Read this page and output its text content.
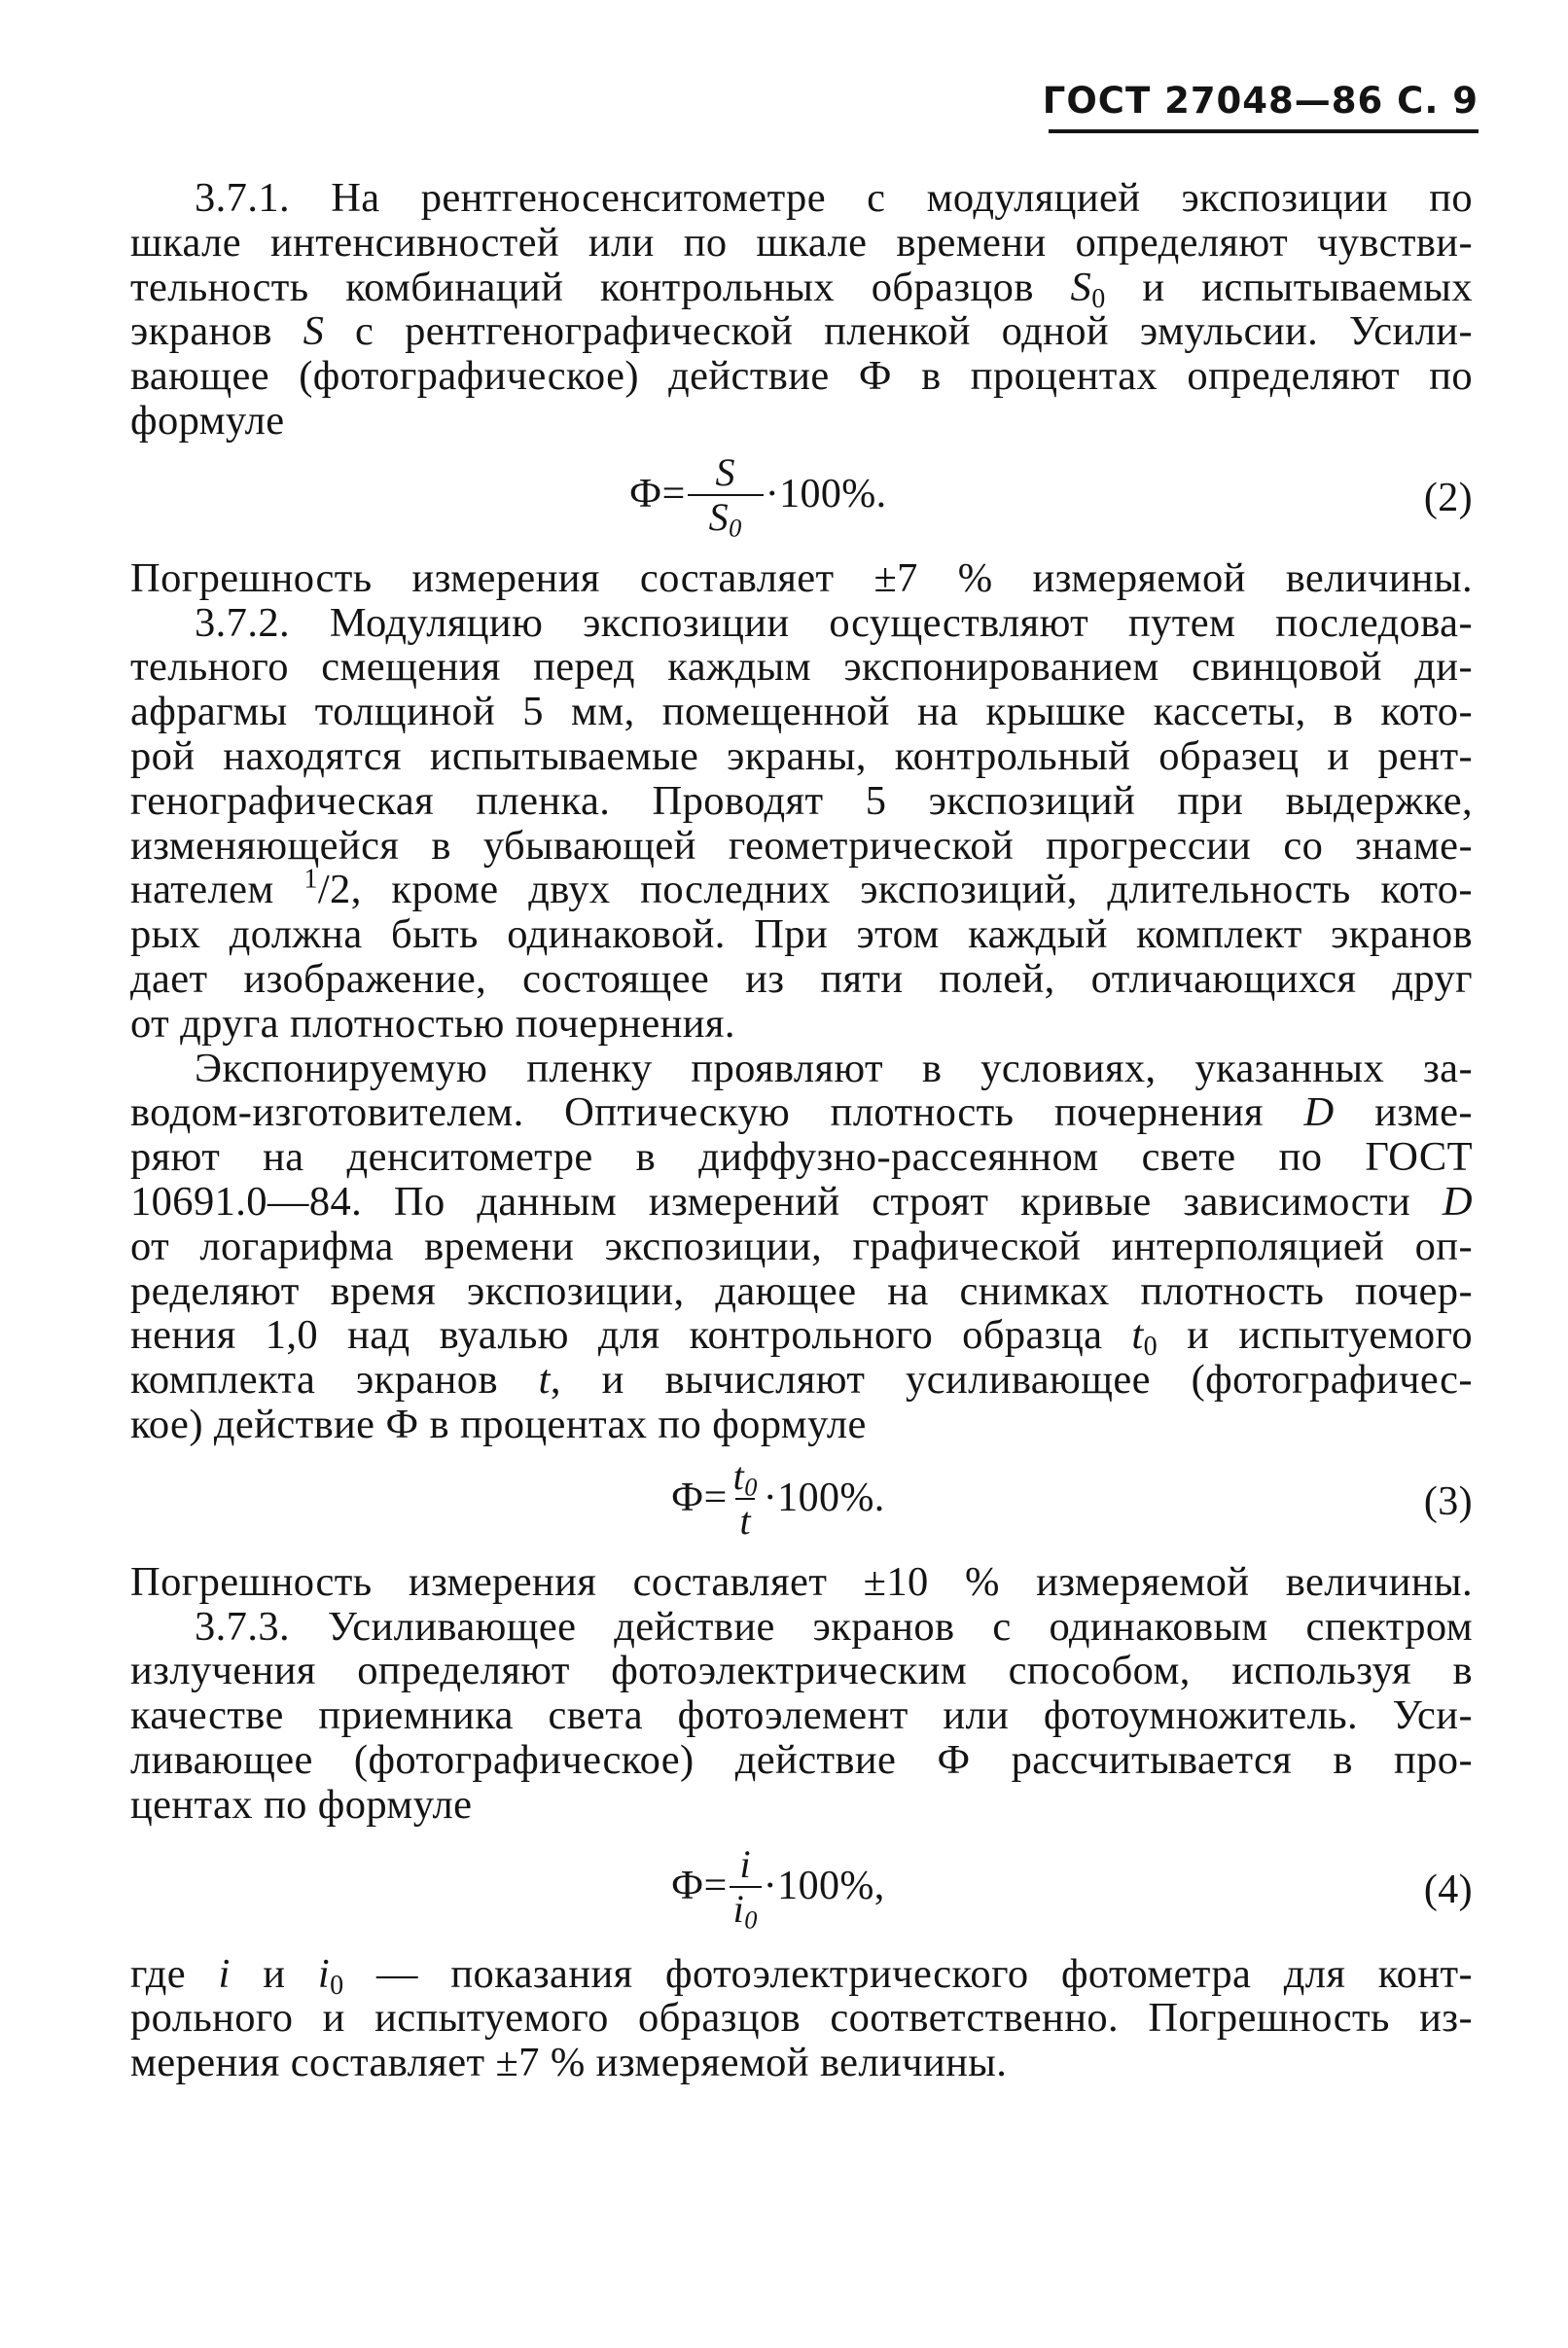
ГОСТ 27048—86 С. 9
3.7.1. На рентгеносенситометре с модуляцией экспозиции по
шкале интенсивностей или по шкале времени определяют чувстви-
тельность комбинаций контрольных образцов $S_0$ и испытываемых
экранов S с рентгенографической пленкой одной эмульсии. Усили-
вающее (фотографическое) действие Ф в процентах определяют по
формуле
$Ф= \frac{S}{S_0} \cdot 100\%$.	(2)
Погрешность измерения составляет ±7 % измеряемой величины.
3.7.2. Модуляцию экспозиции осуществляют путем последова-
тельного смещения перед каждым экспонированием свинцовой ди-
афрагмы толщиной 5 мм, помещенной на крышке кассеты, в кото-
рой находятся испытываемые экраны, контрольный образец и рент-
генографическая пленка. Проводят 5 экспозиций при выдержке,
изменяющейся в убывающей геометрической прогрессии со знаме-
нателем $^1$/2, кроме двух последних экспозиций, длительность кото-
рых должна быть одинаковой. При этом каждый комплект экранов
дает изображение, состоящее из пяти полей, отличающихся друг
от друга плотностью почернения.
Экспонируемую пленку проявляют в условиях, указанных за-
водом-изготовителем. Оптическую плотность почернения D изме-
ряют на денситометре в диффузно-рассеянном свете по ГОСТ
10691.0—84. По данным измерений строят кривые зависимости D
от логарифма времени экспозиции, графической интерполяцией оп-
ределяют время экспозиции, дающее на снимках плотность почер-
нения 1,0 над вуалью для контрольного образца $t_0$ и испытуемого
комплекта экранов t, и вычисляют усиливающее (фотографичес-
кое) действие Ф в процентах по формуле
$Ф= \frac{t_0}{t} \cdot 100\%$.	(3)
Погрешность измерения составляет ±10 % измеряемой величины.
3.7.3. Усиливающее действие экранов с одинаковым спектром
излучения определяют фотоэлектрическим способом, используя в
качестве приемника света фотоэлемент или фотоумножитель. Уси-
ливающее (фотографическое) действие Ф рассчитывается в про-
центах по формуле
$Ф= \frac{i}{i_0} \cdot 100\%$,	(4)
где i и $i_0$ — показания фотоэлектрического фотометра для конт-
рольного и испытуемого образцов соответственно. Погрешность из-
мерения составляет ±7 % измеряемой величины.
